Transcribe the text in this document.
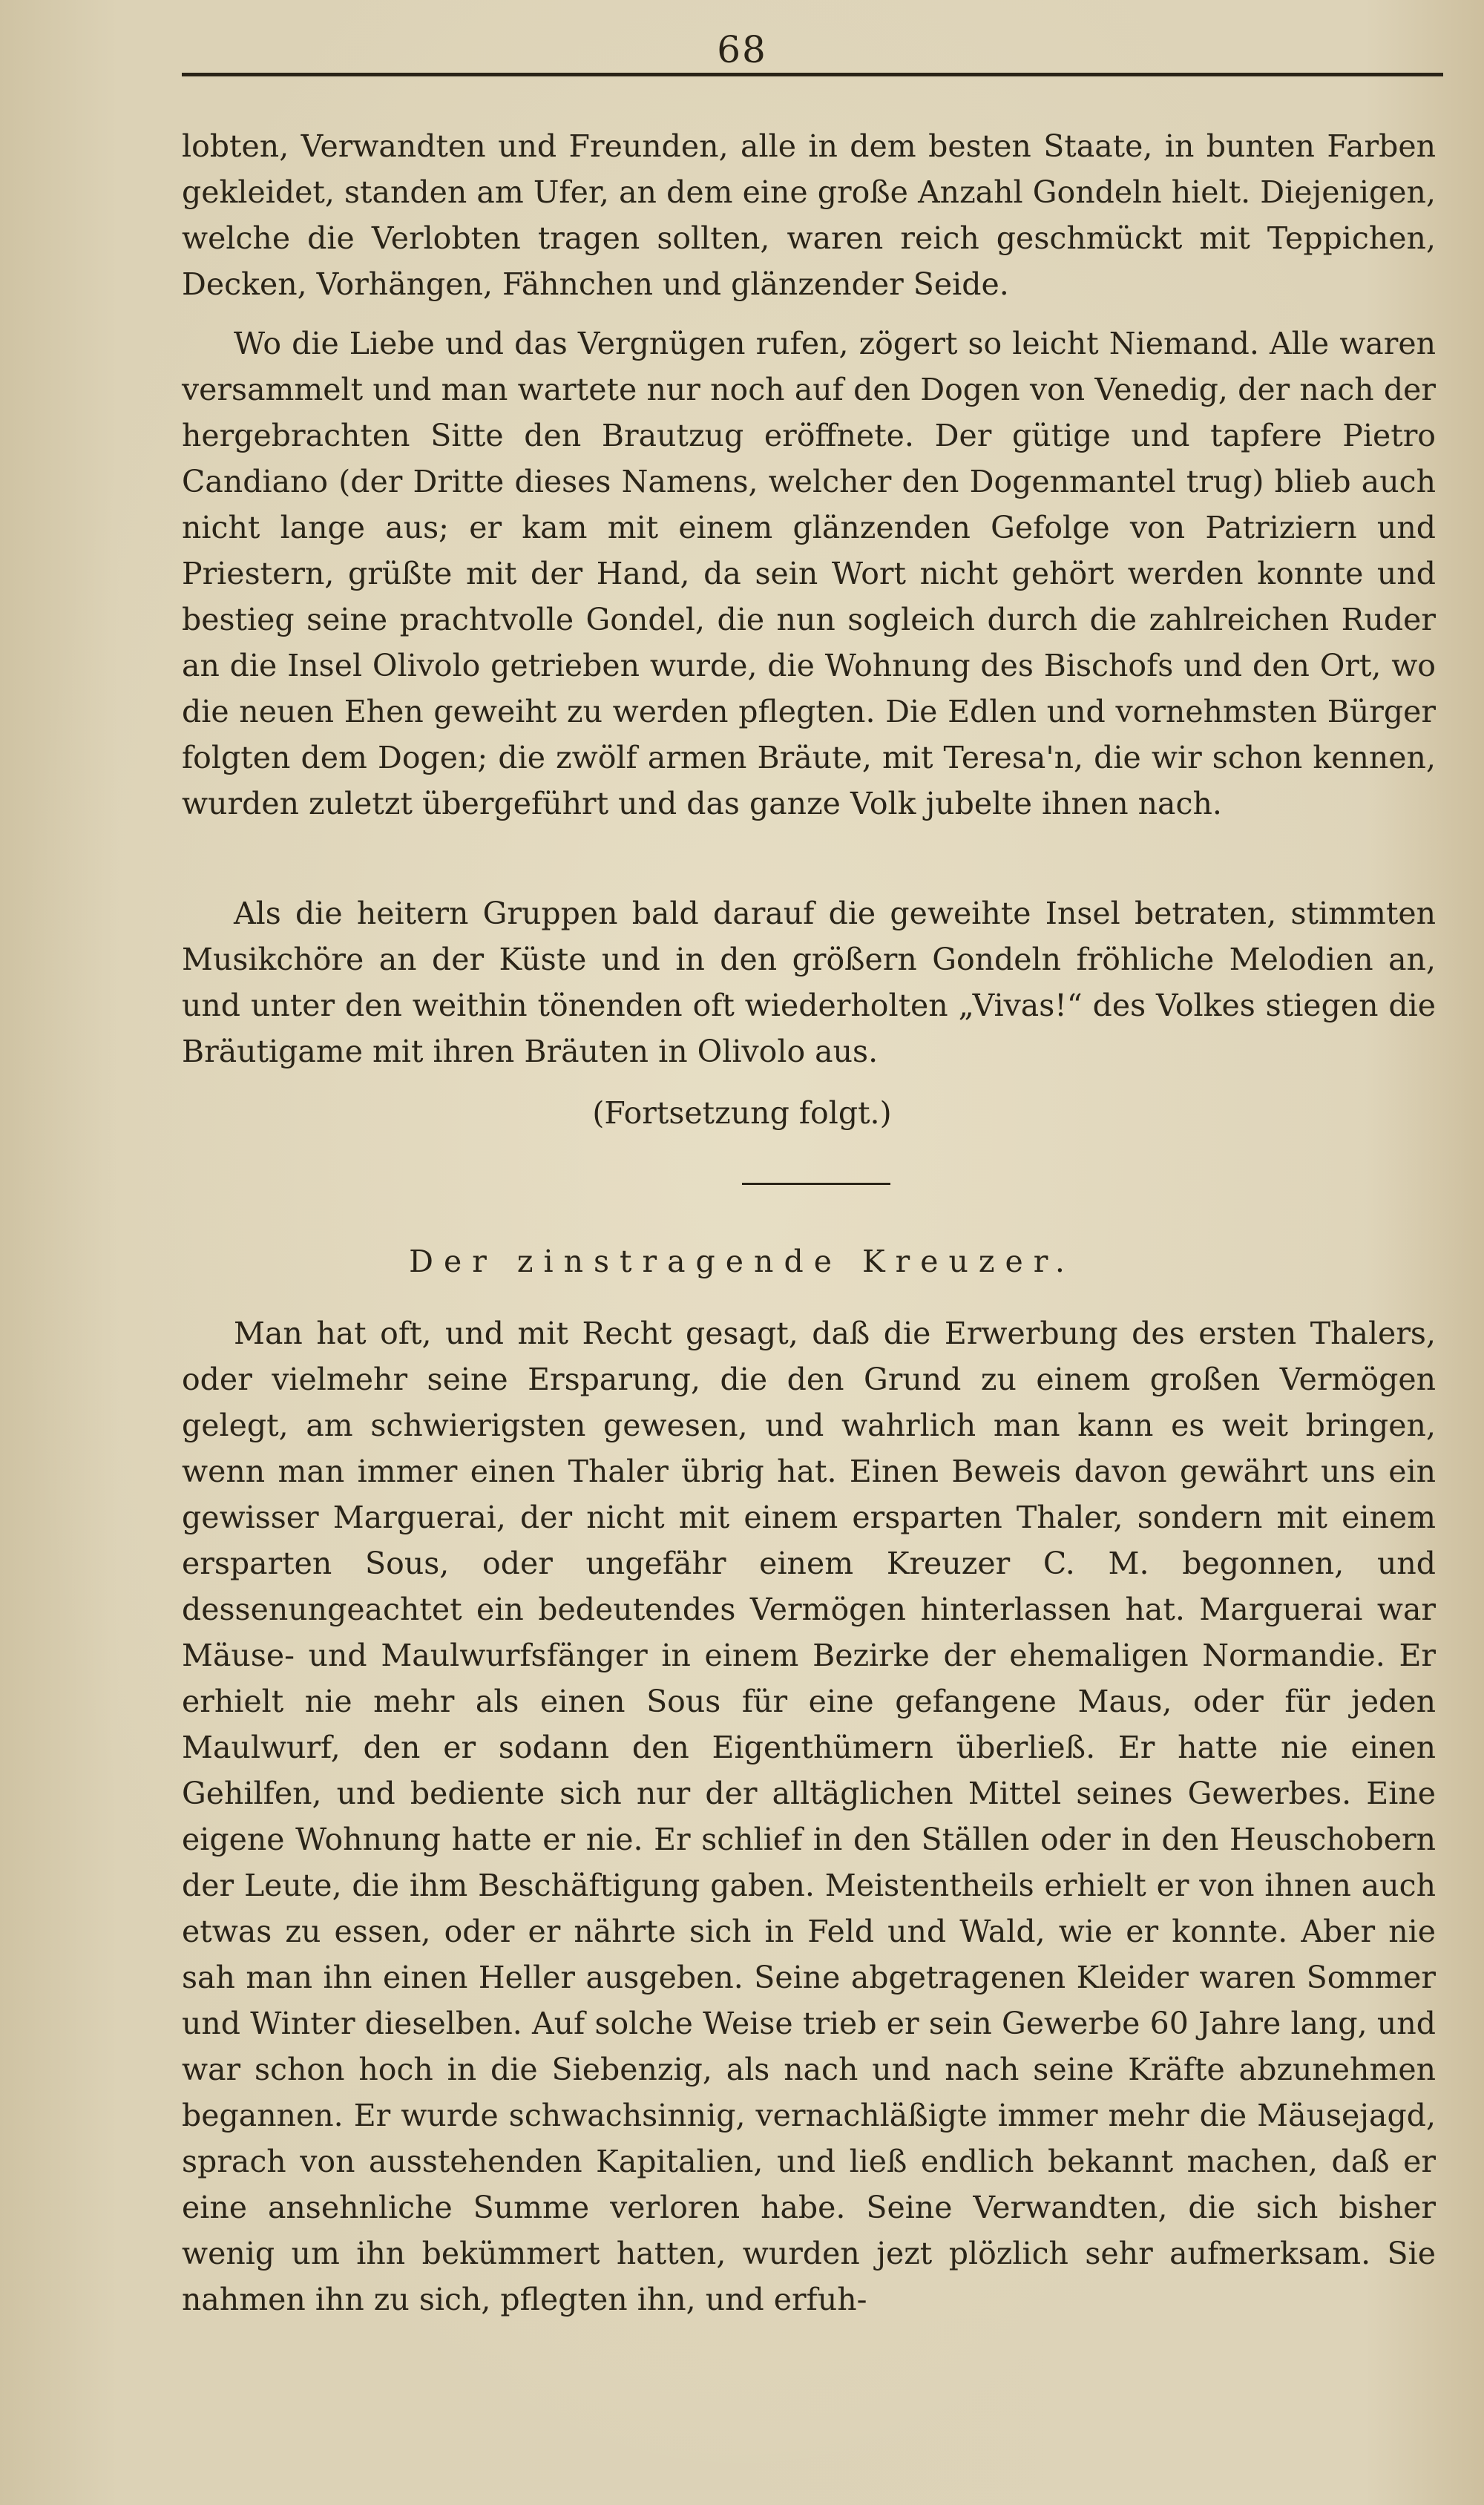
68

lobten, Verwandten und Freunden, alle in dem besten Staate, in bunten Farben gekleidet, standen am Ufer, an dem eine große Anzahl Gondeln hielt. Diejenigen, welche die Verlobten tragen sollten, waren reich geschmückt mit Teppichen, Decken, Vorhängen, Fähnchen und glänzender Seide.

Wo die Liebe und das Vergnügen rufen, zögert so leicht Niemand. Alle waren versammelt und man wartete nur noch auf den Dogen von Venedig, der nach der hergebrachten Sitte den Brautzug eröffnete. Der gütige und tapfere Pietro Candiano (der Dritte dieses Namens, welcher den Dogenmantel trug) blieb auch nicht lange aus; er kam mit einem glänzenden Gefolge von Patriziern und Priestern, grüßte mit der Hand, da sein Wort nicht gehört werden konnte und bestieg seine prachtvolle Gondel, die nun sogleich durch die zahlreichen Ruder an die Insel Olivolo getrieben wurde, die Wohnung des Bischofs und den Ort, wo die neuen Ehen geweiht zu werden pflegten. Die Edlen und vornehmsten Bürger folgten dem Dogen; die zwölf armen Bräute, mit Teresa'n, die wir schon kennen, wurden zuletzt übergeführt und das ganze Volk jubelte ihnen nach.

Als die heitern Gruppen bald darauf die geweihte Insel betraten, stimmten Musikchöre an der Küste und in den größern Gondeln fröhliche Melodien an, und unter den weithin tönenden oft wiederholten „Vivas!“ des Volkes stiegen die Bräutigame mit ihren Bräuten in Olivolo aus.

(Fortsetzung folgt.)
Der zinstragende Kreuzer.

Man hat oft, und mit Recht gesagt, daß die Erwerbung des ersten Thalers, oder vielmehr seine Ersparung, die den Grund zu einem großen Vermögen gelegt, am schwierigsten gewesen, und wahrlich man kann es weit bringen, wenn man immer einen Thaler übrig hat. Einen Beweis davon gewährt uns ein gewisser Marguerai, der nicht mit einem ersparten Thaler, sondern mit einem ersparten Sous, oder ungefähr einem Kreuzer C. M. begonnen, und dessenungeachtet ein bedeutendes Vermögen hinterlassen hat. Marguerai war Mäuse- und Maulwurfsfänger in einem Bezirke der ehemaligen Normandie. Er erhielt nie mehr als einen Sous für eine gefangene Maus, oder für jeden Maulwurf, den er sodann den Eigenthümern überließ. Er hatte nie einen Gehilfen, und bediente sich nur der alltäglichen Mittel seines Gewerbes. Eine eigene Wohnung hatte er nie. Er schlief in den Ställen oder in den Heuschobern der Leute, die ihm Beschäftigung gaben. Meistentheils erhielt er von ihnen auch etwas zu essen, oder er nährte sich in Feld und Wald, wie er konnte. Aber nie sah man ihn einen Heller ausgeben. Seine abgetragenen Kleider waren Sommer und Winter dieselben. Auf solche Weise trieb er sein Gewerbe 60 Jahre lang, und war schon hoch in die Siebenzig, als nach und nach seine Kräfte abzunehmen begannen. Er wurde schwachsinnig, vernachläßigte immer mehr die Mäusejagd, sprach von ausstehenden Kapitalien, und ließ endlich bekannt machen, daß er eine ansehnliche Summe verloren habe. Seine Verwandten, die sich bisher wenig um ihn bekümmert hatten, wurden jezt plözlich sehr aufmerksam. Sie nahmen ihn zu sich, pflegten ihn, und erfuh-
